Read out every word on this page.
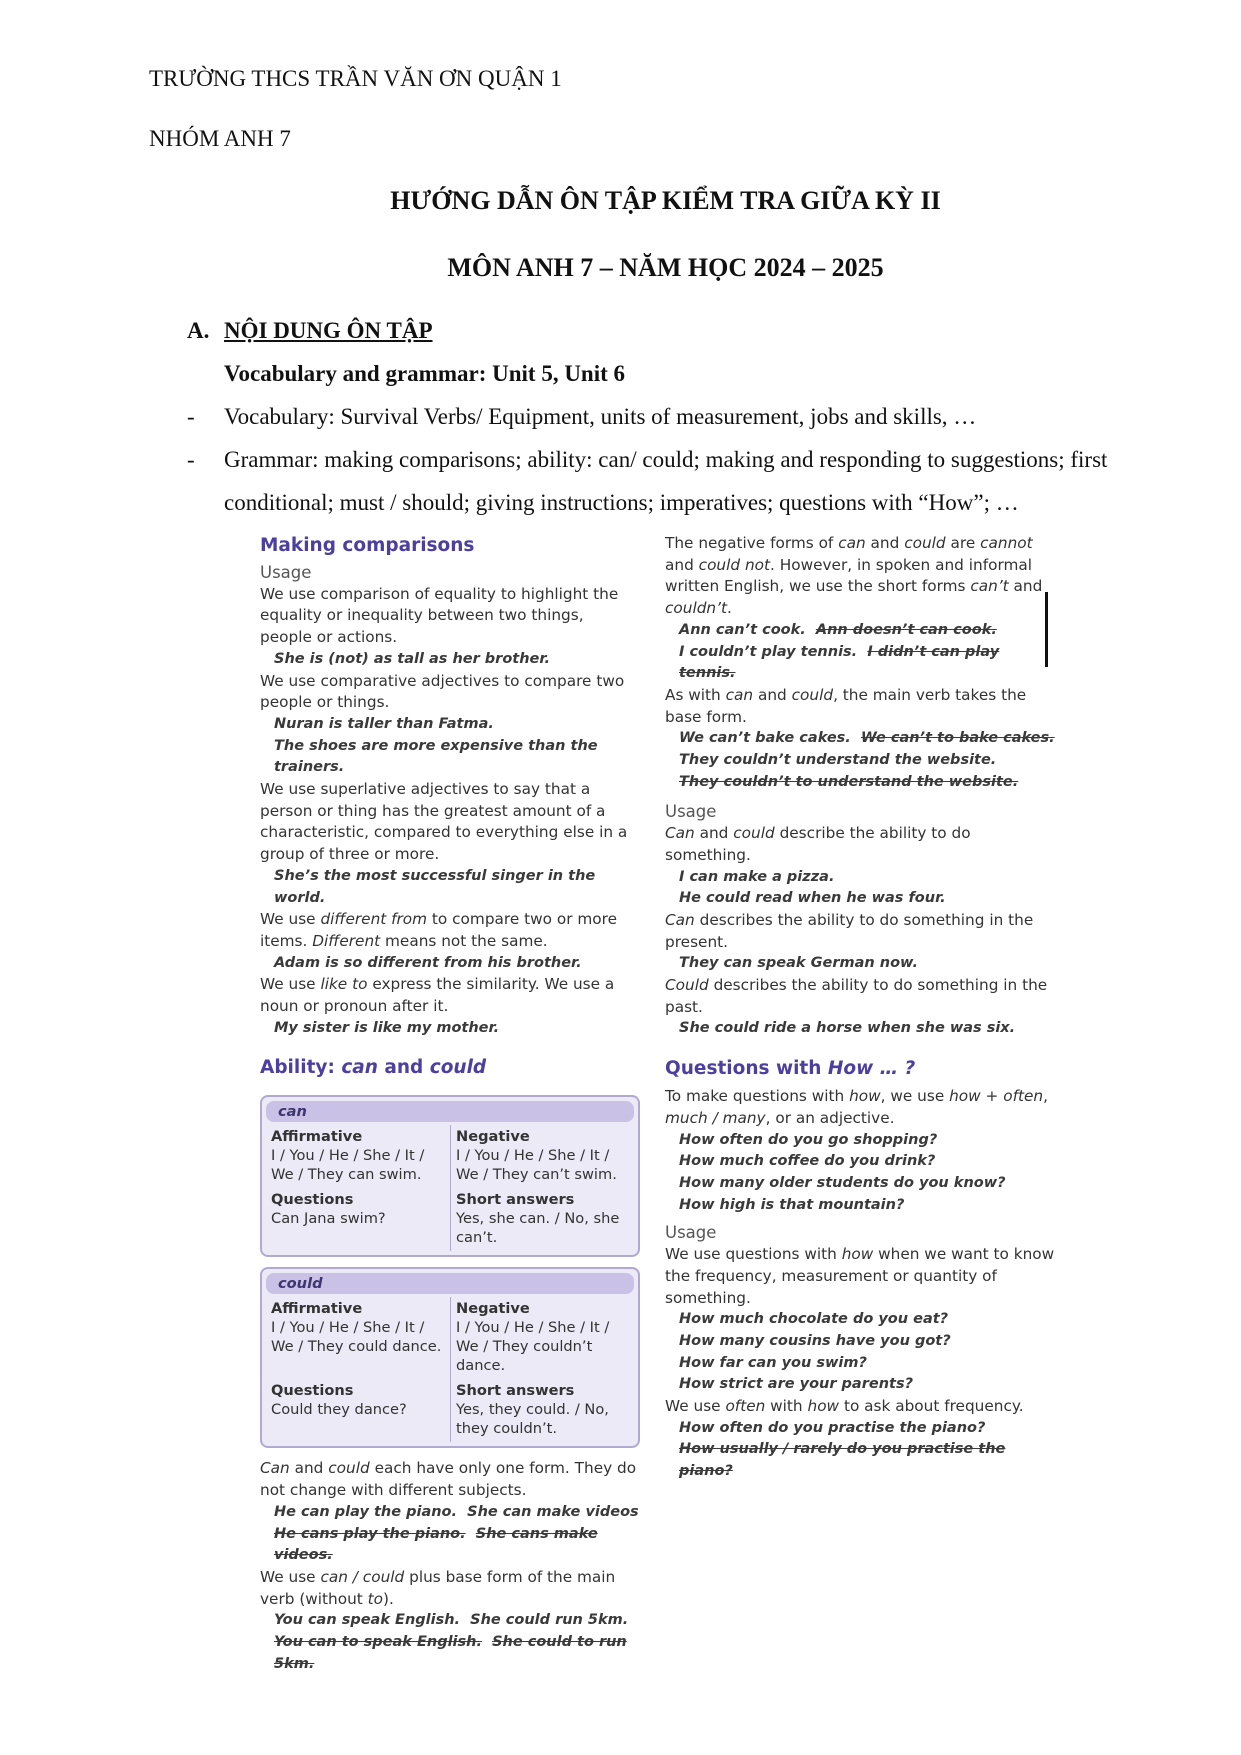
TRƯỜNG THCS TRẦN VĂN ƠN QUẬN 1
NHÓM ANH 7
HƯỚNG DẪN ÔN TẬP KIỂM TRA GIỮA KỲ II
MÔN ANH 7 – NĂM HỌC 2024 – 2025
A. NỘI DUNG ÔN TẬP
Vocabulary and grammar: Unit 5, Unit 6
- Vocabulary: Survival Verbs/ Equipment, units of measurement, jobs and skills, …
- Grammar: making comparisons; ability: can/ could; making and responding to suggestions; first conditional; must / should; giving instructions; imperatives; questions with “How”; …
Making comparisons
Usage
We use comparison of equality to highlight the equality or inequality between two things, people or actions.
She is (not) as tall as her brother.
We use comparative adjectives to compare two people or things.
Nuran is taller than Fatma.
The shoes are more expensive than the trainers.
We use superlative adjectives to say that a person or thing has the greatest amount of a characteristic, compared to everything else in a group of three or more.
She’s the most successful singer in the world.
We use different from to compare two or more items. Different means not the same.
Adam is so different from his brother.
We use like to express the similarity. We use a noun or pronoun after it.
My sister is like my mother.
Ability: can and could
can
Affirmative
I / You / He / She / It / We / They can swim.
Negative
I / You / He / She / It / We / They can’t swim.
Questions
Can Jana swim?
Short answers
Yes, she can. / No, she can’t.
could
Affirmative
I / You / He / She / It / We / They could dance.
Negative
I / You / He / She / It / We / They couldn’t dance.
Questions
Could they dance?
Short answers
Yes, they could. / No, they couldn’t.
Can and could each have only one form. They do not change with different subjects.
He can play the piano. She can make videos
He cans play the piano. She cans make videos.
We use can / could plus base form of the main verb (without to).
You can speak English. She could run 5km.
You can to speak English. She could to run 5km.
The negative forms of can and could are cannot and could not. However, in spoken and informal written English, we use the short forms can’t and couldn’t.
Ann can’t cook. Ann doesn’t can cook.
I couldn’t play tennis. I didn’t can play tennis.
As with can and could, the main verb takes the base form.
We can’t bake cakes. We can’t to bake cakes.
They couldn’t understand the website.
They couldn’t to understand the website.
Usage
Can and could describe the ability to do something.
I can make a pizza.
He could read when he was four.
Can describes the ability to do something in the present.
They can speak German now.
Could describes the ability to do something in the past.
She could ride a horse when she was six.
Questions with How … ?
To make questions with how, we use how + often, much / many, or an adjective.
How often do you go shopping?
How much coffee do you drink?
How many older students do you know?
How high is that mountain?
Usage
We use questions with how when we want to know the frequency, measurement or quantity of something.
How much chocolate do you eat?
How many cousins have you got?
How far can you swim?
How strict are your parents?
We use often with how to ask about frequency.
How often do you practise the piano?
How usually / rarely do you practise the piano?
